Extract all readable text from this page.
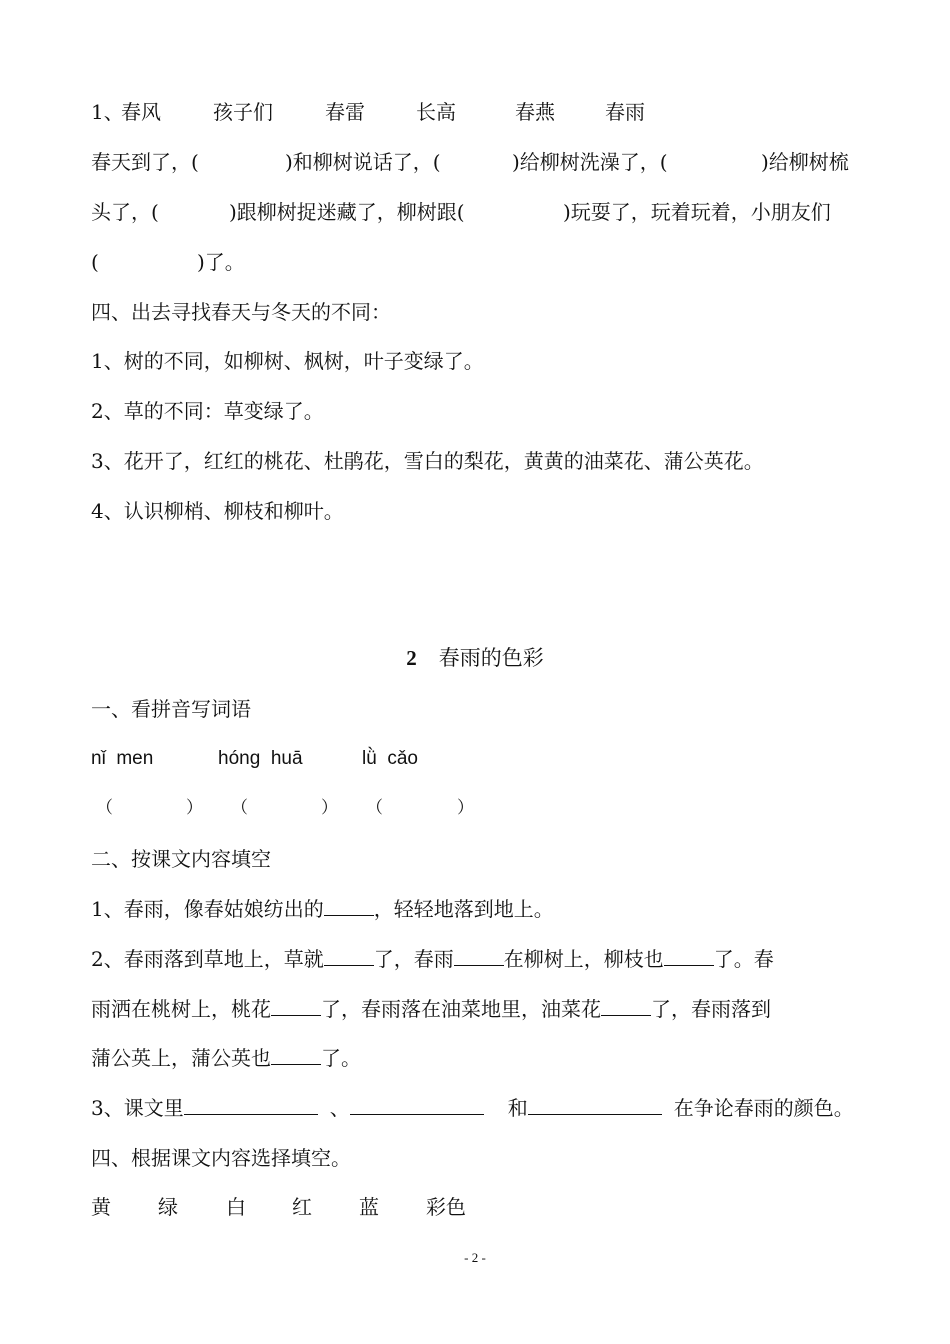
1、
春风	孩子们	春雷	长高	春燕	春雨
春天到了，(	)和柳树说话了，(	)给柳树洗澡了，(	)给柳树梳
头了，(	)跟柳树捉迷藏了，柳树跟(	)玩耍了，玩着玩着，小朋友们
(	)了。
四、出去寻找春天与冬天的不同：
1、树的不同，如柳树、枫树，叶子变绿了。
2、草的不同：草变绿了。
3、花开了，红红的桃花、杜鹃花，雪白的梨花，黄黄的油菜花、蒲公英花。
4、认识柳梢、柳枝和柳叶。
2 春雨的色彩
一、看拼音写词语
nǐ  men	hóng  huā	lǜ  cǎo
（	） （	） （	）
二、按课文内容填空
1、春雨，像春姑娘纺出的	，轻轻地落到地上。
2、春雨落到草地上，草就	了，春雨	在柳树上，柳枝也	了。春
雨洒在桃树上，桃花	了，春雨落在油菜地里，油菜花	了，春雨落到
蒲公英上，蒲公英也	了。
3、课文里	、	和	在争论春雨的颜色。
四、根据课文内容选择填空。
黄 绿 白 红 蓝 彩色
- 2 -
